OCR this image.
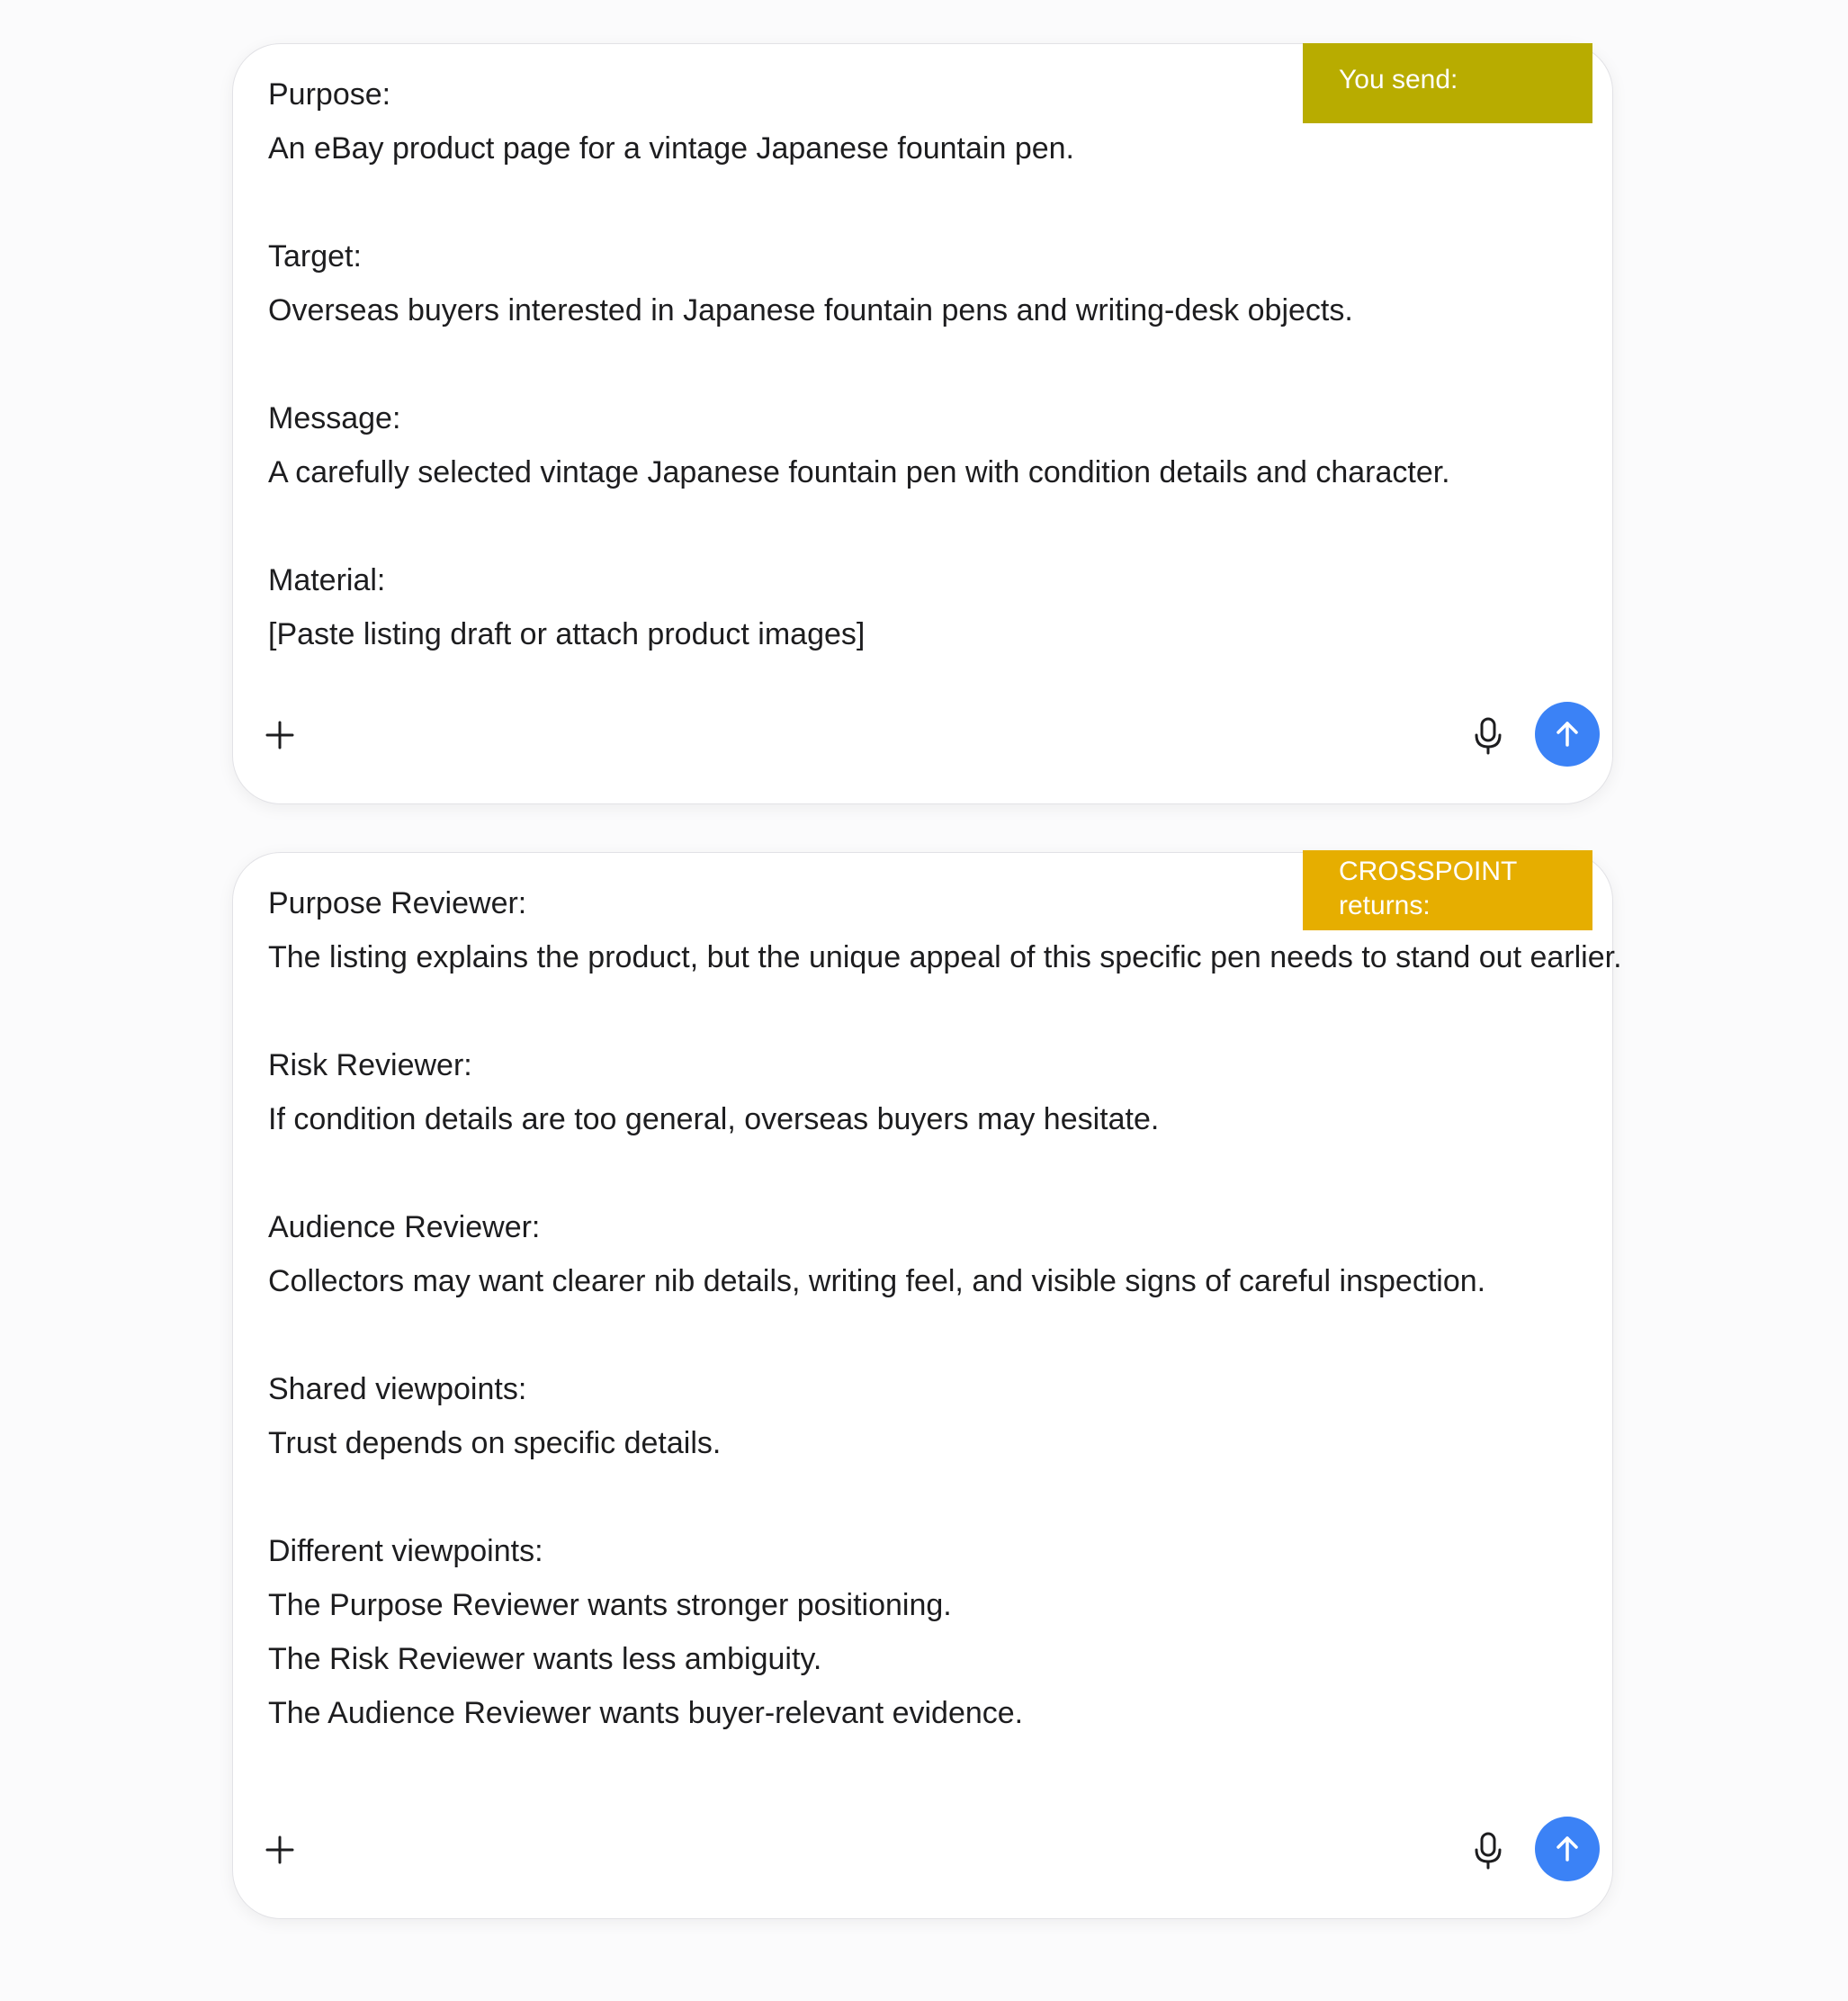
You send:
Purpose:
An eBay product page for a vintage Japanese fountain pen.
Target:
Overseas buyers interested in Japanese fountain pens and writing-desk objects.
Message:
A carefully selected vintage Japanese fountain pen with condition details and character.
Material:
[Paste listing draft or attach product images]
CROSSPOINT
returns:
Purpose Reviewer:
The listing explains the product, but the unique appeal of this specific pen needs to stand out earlier.
Risk Reviewer:
If condition details are too general, overseas buyers may hesitate.
Audience Reviewer:
Collectors may want clearer nib details, writing feel, and visible signs of careful inspection.
Shared viewpoints:
Trust depends on specific details.
Different viewpoints:
The Purpose Reviewer wants stronger positioning.
The Risk Reviewer wants less ambiguity.
The Audience Reviewer wants buyer-relevant evidence.
